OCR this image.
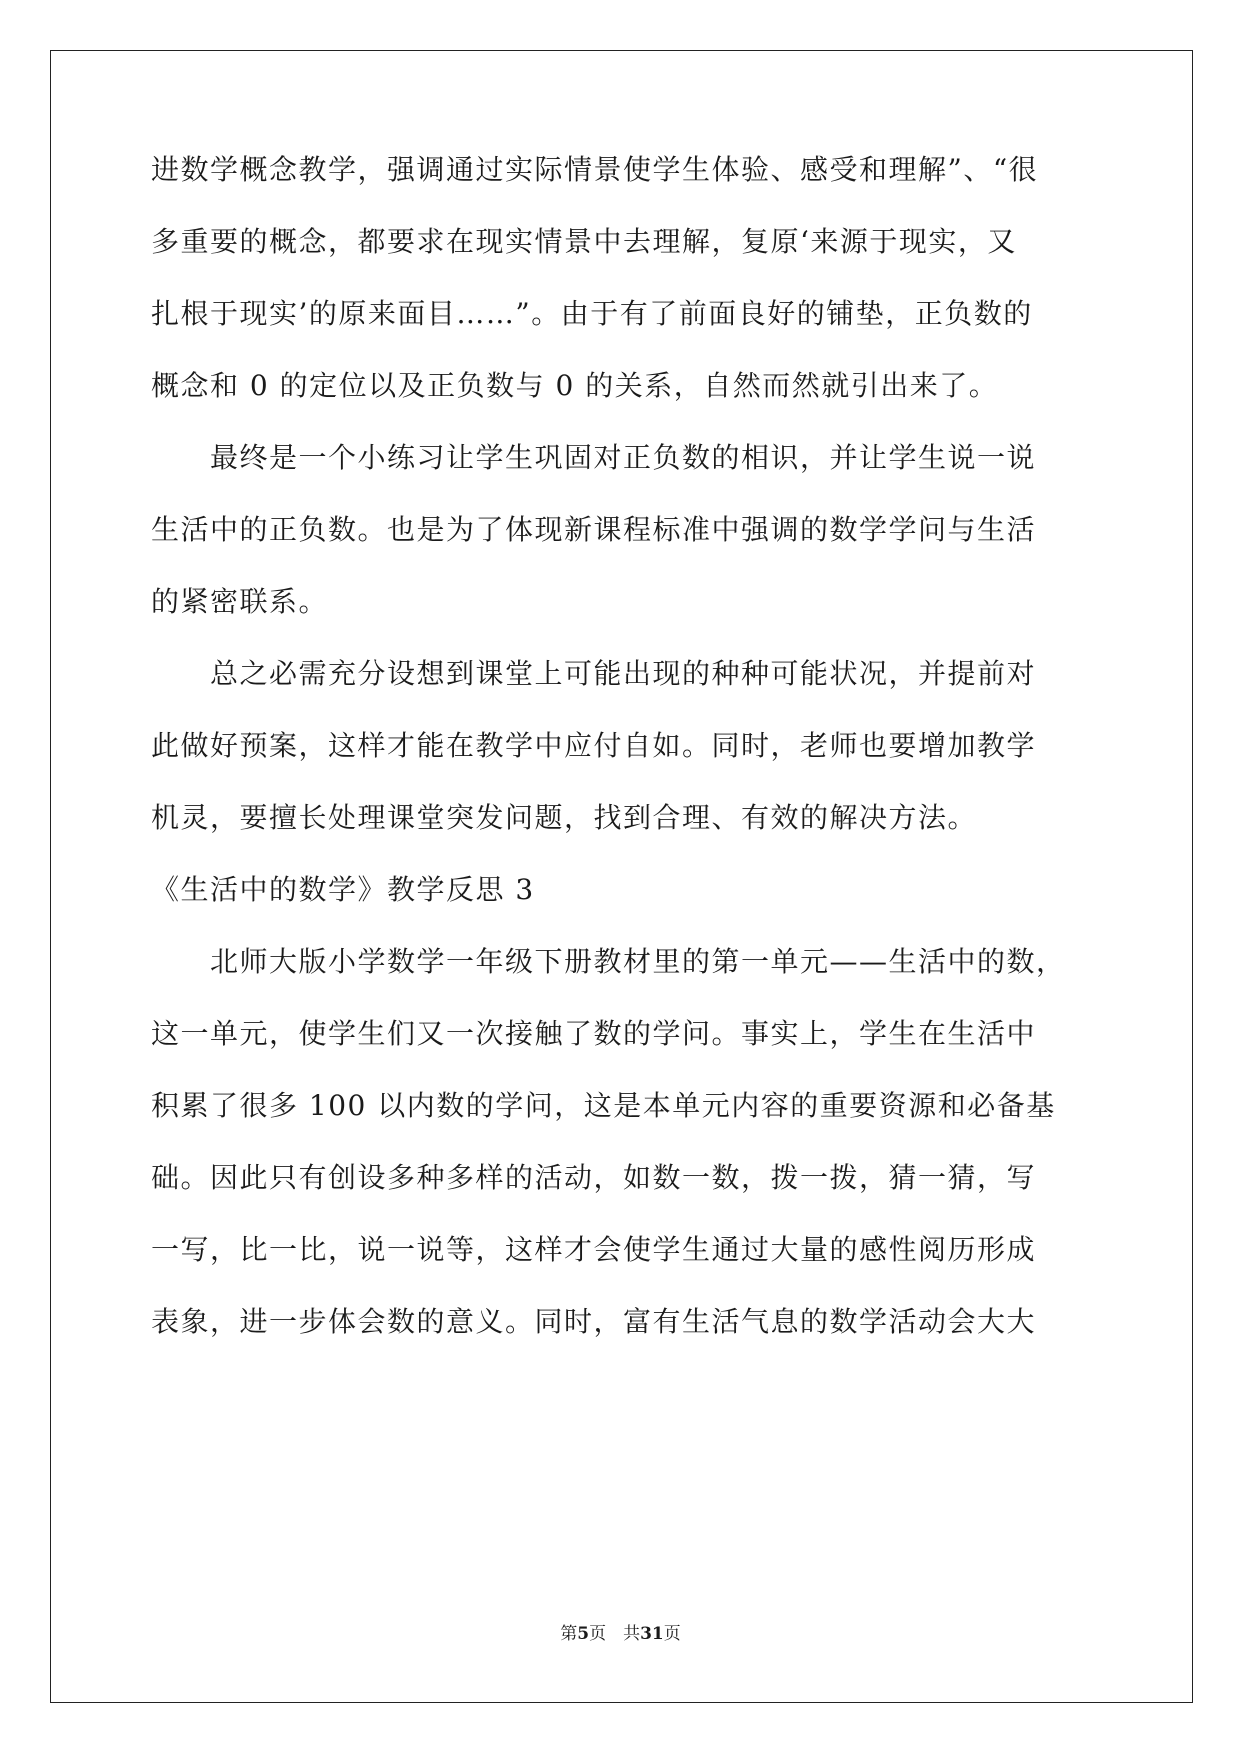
进数学概念教学，强调通过实际情景使学生体验、感受和理解”、“很
多重要的概念，都要求在现实情景中去理解，复原‘来源于现实，又
扎根于现实’的原来面目……”。由于有了前面良好的铺垫，正负数的
概念和 0 的定位以及正负数与 0 的关系，自然而然就引出来了。
　　最终是一个小练习让学生巩固对正负数的相识，并让学生说一说
生活中的正负数。也是为了体现新课程标准中强调的数学学问与生活
的紧密联系。
　　总之必需充分设想到课堂上可能出现的种种可能状况，并提前对
此做好预案，这样才能在教学中应付自如。同时，老师也要增加教学
机灵，要擅长处理课堂突发问题，找到合理、有效的解决方法。
《生活中的数学》教学反思 3
　　北师大版小学数学一年级下册教材里的第一单元——生活中的数，
这一单元，使学生们又一次接触了数的学问。事实上，学生在生活中
积累了很多 100 以内数的学问，这是本单元内容的重要资源和必备基
础。因此只有创设多种多样的活动，如数一数，拨一拨，猜一猜，写
一写，比一比，说一说等，这样才会使学生通过大量的感性阅历形成
表象，进一步体会数的意义。同时，富有生活气息的数学活动会大大
第5页　共31页
